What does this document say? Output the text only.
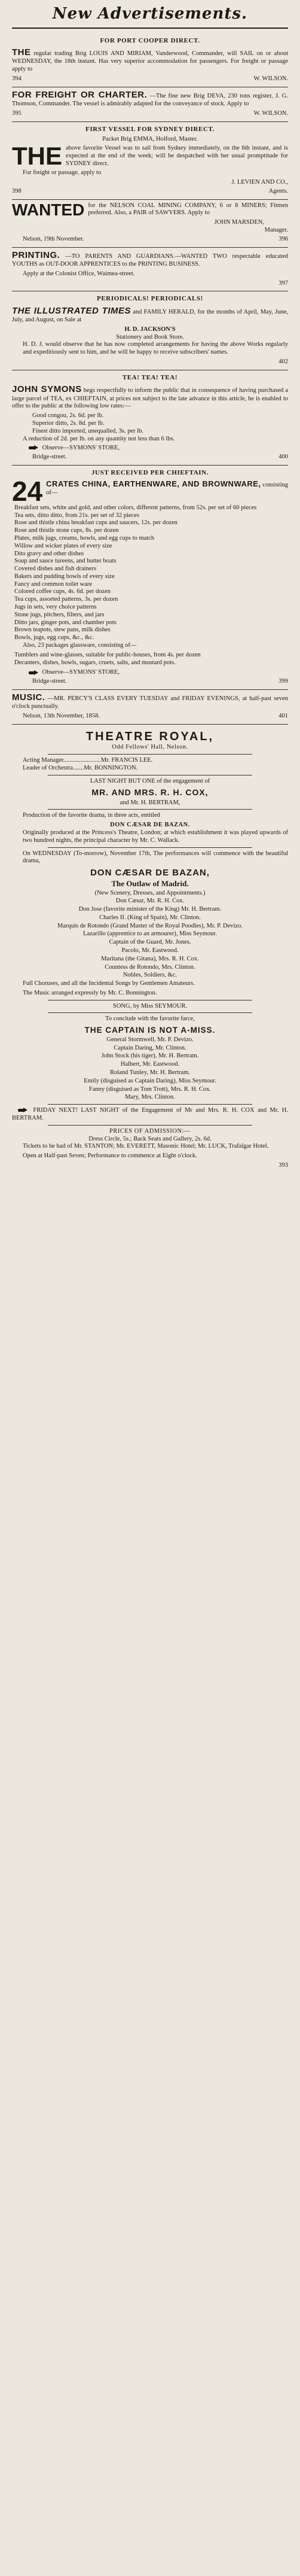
New Advertisements.
FOR PORT COOPER DIRECT.

THE regular trading Brig LOUIS AND MIRIAM, Vanderwood, Commander, will SAIL on or about WEDNESDAY, the 18th instant. Has very superior accommodation for passengers. For freight or passage apply to

394	W. WILSON.

FOR FREIGHT OR CHARTER. —The fine new Brig DEVA, 230 tons register, J. G. Thomson, Commander. The vessel is admirably adapted for the conveyance of stock. Apply to

395	W. WILSON.
FIRST VESSEL FOR SYDNEY DIRECT.
Packet Brig EMMA, Holford, Master.

THE above favorite Vessel was to sail from Sydney immediately, on the 6th instant, and is expected at the end of the week; will be despatched with her usual promptitude for SYDNEY direct.

For freight or passage, apply to

J. LEVIEN AND CO.,
398	Agents.

WANTED for the NELSON COAL MINING COMPANY, 6 or 8 MINERS; Fitmen preferred. Also, a PAIR of SAWYERS. Apply to

JOHN MARSDEN,
Manager.
Nelson, 19th November.	396

PRINTING. —TO PARENTS AND GUARDIANS.—WANTED TWO respectable educated YOUTHS as OUT-DOOR APPRENTICES to the PRINTING BUSINESS.

Apply at the Colonist Office, Waimea-street.

397
PERIODICALS! PERIODICALS!

THE ILLUSTRATED TIMES and FAMILY HERALD, for the months of April, May, June, July, and August, on Sale at

H. D. JACKSON'S
Stationery and Book Store.

H. D. J. would observe that he has now completed arrangements for having the above Works regularly and expeditiously sent to him, and he will be happy to receive subscribers' names.

402
TEA! TEA! TEA!

JOHN SYMONS begs respectfully to inform the public that in consequence of having purchased a large parcel of TEA, ex CHIEFTAIN, at prices not subject to the late advance in this article, he is enabled to offer to the public at the following low rates:—

Good congou, 2s. 6d. per lb.
Superior ditto, 2s. 8d. per lb.
Finest ditto imported, unequalled, 3s. per lb.

A reduction of 2d. per lb. on any quantity not less than 6 lbs.

Observe—SYMONS' STORE,
Bridge-street.	400
JUST RECEIVED PER CHIEFTAIN.

24 CRATES CHINA, EARTHENWARE, AND BROWNWARE, consisting of—

Breakfast sets, white and gold, and other colors, different patterns, from 52s. per set of 60 pieces
Tea sets, ditto ditto, from 21s. per set of 32 pieces
Rose and thistle china breakfast cups and saucers, 12s. per dozen
Rose and thistle stone cups, 8s. per dozen
Plates, milk jugs, creams, bowls, and egg cups to match
Willow and wicker plates of every size
Dito gravy and other dishes
Soup and sauce tureens, and butter boats
Covered dishes and fish drainers
Bakers and pudding bowls of every size
Fancy and common toilet ware
Colored coffee cups, 4s. 6d. per dozen
Tea cups, assorted patterns, 3s. per dozen
Jugs in sets, very choice patterns
Stone jugs, pitchers, filters, and jars
Ditto jars, ginger pots, and chamber pots
Brown teapots, stew pans, milk dishes
Bowls, jugs, egg cups, &c., &c.

Also, 23 packages glassware, consisting of—

Tumblers and wine-glasses, suitable for public-houses, from 4s. per dozen
Decanters, dishes, bowls, sugars, cruets, salts, and mustard pots.
Observe—SYMONS' STORE,
Bridge-street.	399

MUSIC. —MR. PERCY'S CLASS EVERY TUESDAY and FRIDAY EVENINGS, at half-past seven o'clock punctually.

Nelson, 13th November, 1858.	401
THEATRE ROYAL,
Odd Fellows' Hall, Nelson.
Acting Manager........................Mr. FRANCIS LEE.
Leader of Orchestra.......Mr. BONNINGTON.

LAST NIGHT BUT ONE of the engagement of

MR. AND MRS. R. H. COX,
and Mr. H. BERTRAM,

Production of the favorite drama, in three acts, entitled

DON CÆSAR DE BAZAN.

Originally produced at the Princess's Theatre, London; at which establishment it was played upwards of two hundred nights, the principal character by Mr. C. Wallack.

On WEDNESDAY (To-morrow), November 17th, The performances will commence with the beautiful drama,

DON CÆSAR DE BAZAN,
The Outlaw of Madrid.
(New Scenery, Dresses, and Appointments.)
Don Cæsar, Mr. R. H. Cox.
Don Jose (favorite minister of the King) Mr. H. Bertram.
Charles II. (King of Spain), Mr. Clinton.
Marquis de Rotondo (Grand Master of the Royal Poodles), Mr. P. Devizo.
Lazarillo (apprentice to an armourer), Miss Seymour.
Captain of the Guard, Mr. Jones.
Pacolo, Mr. Eastwood.
Maritana (the Gitana), Mrs. R. H. Cox.
Countess de Rotondo, Mrs. Clinton.
Nobles, Soldiers, &c.

Full Choruses, and all the Incidental Songs by Gentlemen Amateurs.

The Music arranged expressly by Mr. C. Bonnington.

SONG, by Miss SEYMOUR.
To conclude with the favorite farce,
THE CAPTAIN IS NOT A-MISS.
General Stormwell, Mr. P. Devizo.
Captain Daring, Mr. Clinton.
John Stock (his tiger), Mr. H. Bertram.
Halbert, Mr. Eastwood.
Roland Tunley, Mr. H. Bertram.
Emily (disguised as Captain Daring), Miss Seymour.
Fanny (disguised as Tom Trott), Mrs. R. H. Cox.
Mary, Mrs. Clinton.

FRIDAY NEXT! LAST NIGHT of the Engagement of Mr and Mrs. R. H. COX and Mr. H. BERTRAM.

PRICES OF ADMISSION:—
Dress Circle, 5s.; Back Seats and Gallery, 2s. 6d.

Tickets to be had of Mr. STANTON; Mr. EVERETT, Masonic Hotel; Mr. LUCK, Trafalgar Hotel.

Open at Half-past Seven; Performance to commence at Eight o'clock.

393
